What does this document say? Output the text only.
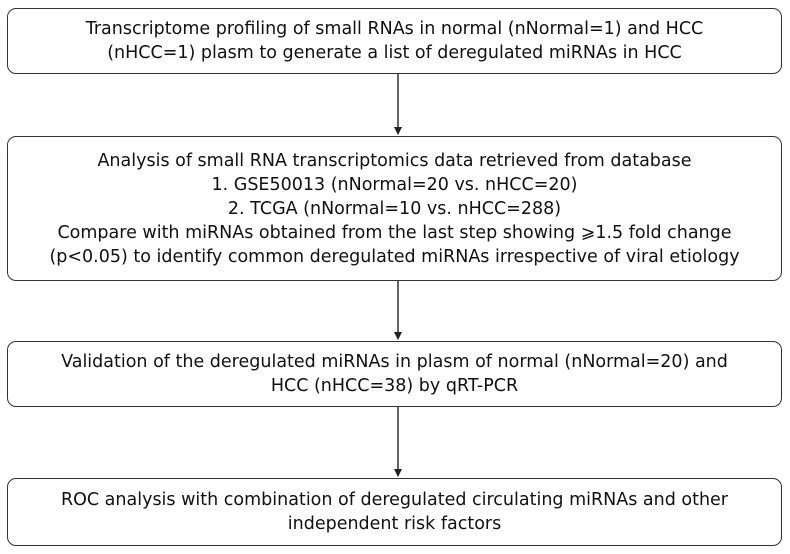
Transcriptome profiling of small RNAs in normal (nNormal=1) and HCC
(nHCC=1) plasm to generate a list of deregulated miRNAs in HCC
Analysis of small RNA transcriptomics data retrieved from database
1. GSE50013 (nNormal=20 vs. nHCC=20)
2. TCGA (nNormal=10 vs. nHCC=288)
Compare with miRNAs obtained from the last step showing ⩾1.5 fold change
(p<0.05) to identify common deregulated miRNAs irrespective of viral etiology
Validation of the deregulated miRNAs in plasm of normal (nNormal=20) and
HCC (nHCC=38) by qRT-PCR
ROC analysis with combination of deregulated circulating miRNAs and other
independent risk factors
